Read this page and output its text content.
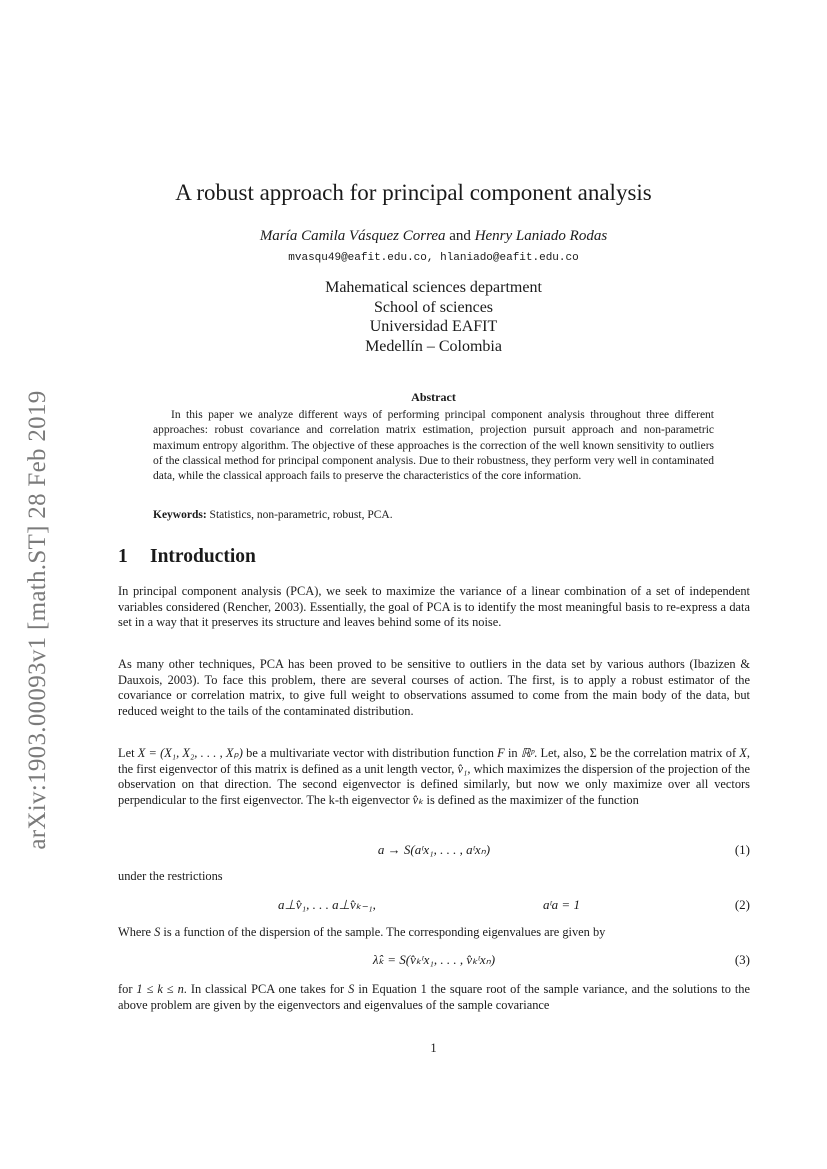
arXiv:1903.00093v1 [math.ST] 28 Feb 2019
A robust approach for principal component analysis
María Camila Vásquez Correa and Henry Laniado Rodas
mvasqu49@eafit.edu.co, hlaniado@eafit.edu.co
Mahematical sciences department
School of sciences
Universidad EAFIT
Medellín – Colombia
Abstract
In this paper we analyze different ways of performing principal component analysis throughout three different approaches: robust covariance and correlation matrix estimation, projection pursuit approach and non-parametric maximum entropy algorithm. The objective of these approaches is the correction of the well known sensitivity to outliers of the classical method for principal component analysis. Due to their robustness, they perform very well in contaminated data, while the classical approach fails to preserve the characteristics of the core information.
Keywords: Statistics, non-parametric, robust, PCA.
1 Introduction

In principal component analysis (PCA), we seek to maximize the variance of a linear combination of a set of independent variables considered (Rencher, 2003). Essentially, the goal of PCA is to identify the most meaningful basis to re-express a data set in a way that it preserves its structure and leaves behind some of its noise.

As many other techniques, PCA has been proved to be sensitive to outliers in the data set by various authors (Ibazizen & Dauxois, 2003). To face this problem, there are several courses of action. The first, is to apply a robust estimator of the covariance or correlation matrix, to give full weight to observations assumed to come from the main body of the data, but reduced weight to the tails of the contaminated distribution.

Let X = (X₁, X₂, . . . , Xₚ) be a multivariate vector with distribution function F in ℝᵖ. Let, also, Σ be the correlation matrix of X, the first eigenvector of this matrix is defined as a unit length vector, v̂₁, which maximizes the dispersion of the projection of the observation on that direction. The second eigenvector is defined similarly, but now we only maximize over all vectors perpendicular to the first eigenvector. The k-th eigenvector v̂ₖ is defined as the maximizer of the function

a → S(aᵗx₁, . . . , aᵗxₙ)	(1)

under the restrictions

a⊥v̂₁, . . . a⊥v̂ₖ₋₁,	aᵗa = 1	(2)

Where S is a function of the dispersion of the sample. The corresponding eigenvalues are given by

λ̂ₖ = S(v̂ₖᵗx₁, . . . , v̂ₖᵗxₙ)	(3)

for 1 ≤ k ≤ n. In classical PCA one takes for S in Equation 1 the square root of the sample variance, and the solutions to the above problem are given by the eigenvectors and eigenvalues of the sample covariance

1
